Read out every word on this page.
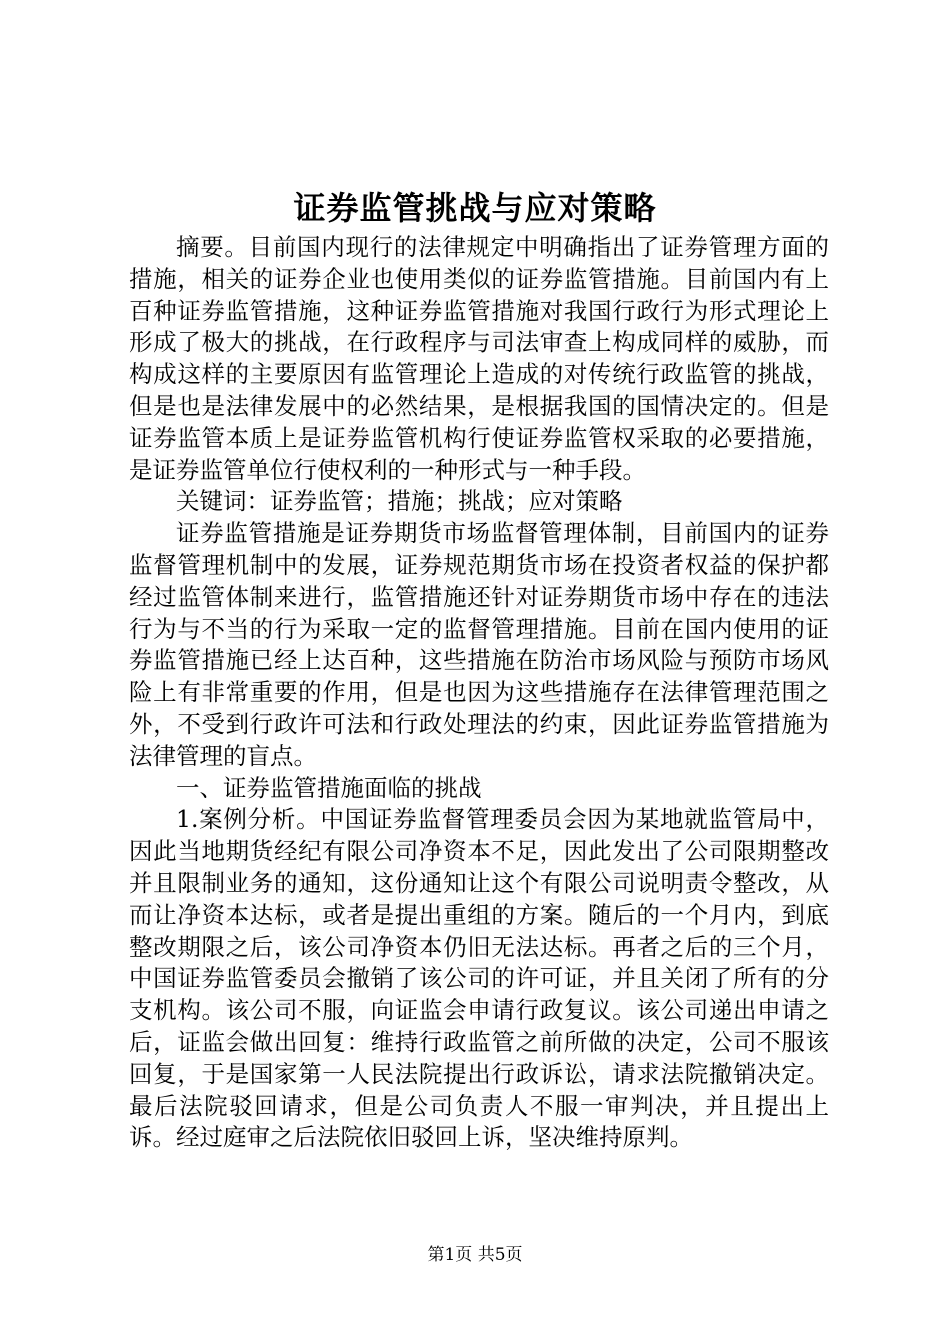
证券监管挑战与应对策略

摘要。目前国内现行的法律规定中明确指出了证券管理方面的措施，相关的证券企业也使用类似的证券监管措施。目前国内有上百种证券监管措施，这种证券监管措施对我国行政行为形式理论上形成了极大的挑战，在行政程序与司法审查上构成同样的威胁，而构成这样的主要原因有监管理论上造成的对传统行政监管的挑战，但是也是法律发展中的必然结果，是根据我国的国情决定的。但是证券监管本质上是证券监管机构行使证券监管权采取的必要措施，是证券监管单位行使权利的一种形式与一种手段。

关键词：证券监管；措施；挑战；应对策略

证券监管措施是证券期货市场监督管理体制，目前国内的证券监督管理机制中的发展，证券规范期货市场在投资者权益的保护都经过监管体制来进行，监管措施还针对证券期货市场中存在的违法行为与不当的行为采取一定的监督管理措施。目前在国内使用的证券监管措施已经上达百种，这些措施在防治市场风险与预防市场风险上有非常重要的作用，但是也因为这些措施存在法律管理范围之外，不受到行政许可法和行政处理法的约束，因此证券监管措施为法律管理的盲点。

一、证券监管措施面临的挑战

1.案例分析。中国证券监督管理委员会因为某地就监管局中，因此当地期货经纪有限公司净资本不足，因此发出了公司限期整改并且限制业务的通知，这份通知让这个有限公司说明责令整改，从而让净资本达标，或者是提出重组的方案。随后的一个月内，到底整改期限之后，该公司净资本仍旧无法达标。再者之后的三个月，中国证券监管委员会撤销了该公司的许可证，并且关闭了所有的分支机构。该公司不服，向证监会申请行政复议。该公司递出申请之后，证监会做出回复：维持行政监管之前所做的决定，公司不服该回复，于是国家第一人民法院提出行政诉讼，请求法院撤销决定。最后法院驳回请求，但是公司负责人不服一审判决，并且提出上诉。经过庭审之后法院依旧驳回上诉，坚决维持原判。

第1页 共5页
